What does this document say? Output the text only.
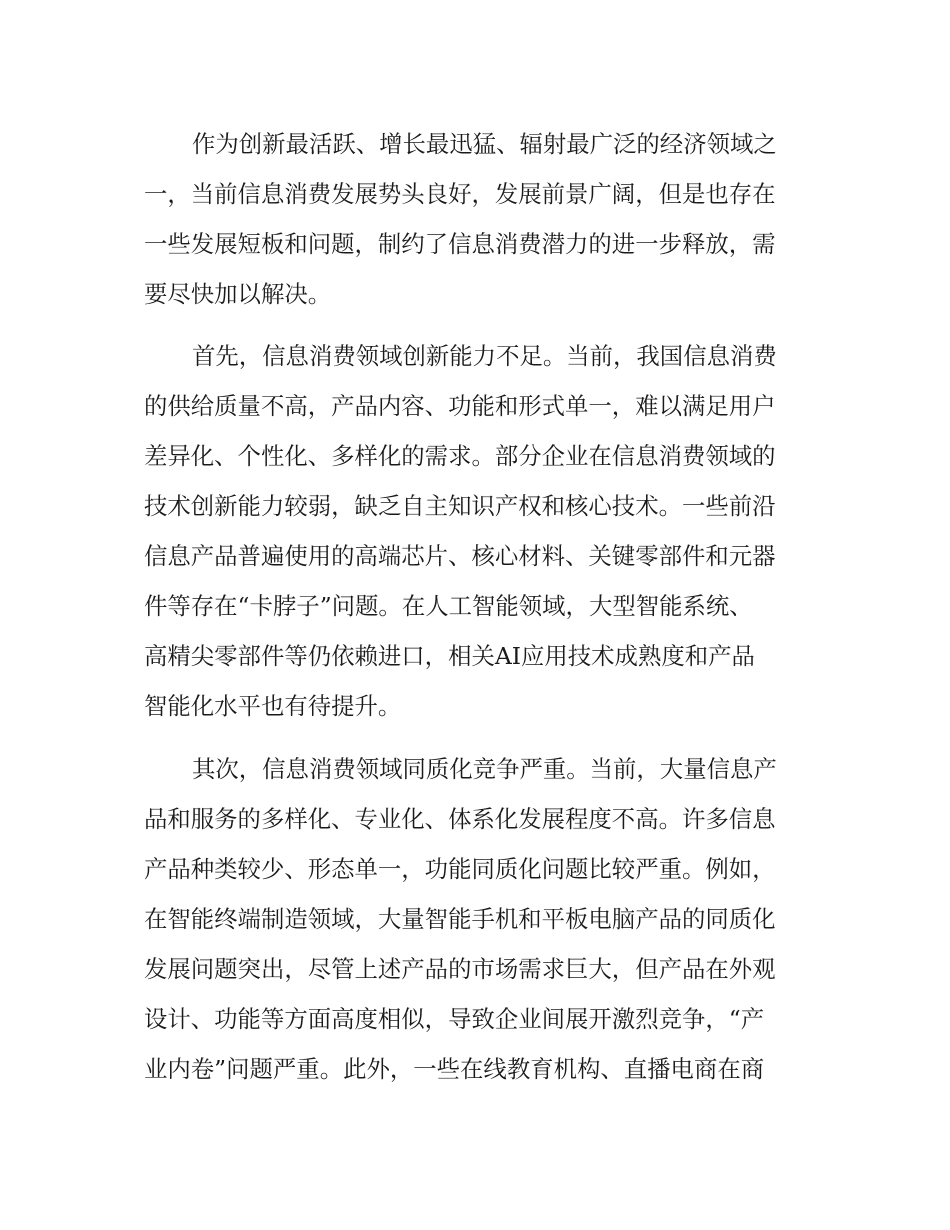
作为创新最活跃、增长最迅猛、辐射最广泛的经济领域之

一，当前信息消费发展势头良好，发展前景广阔，但是也存在

一些发展短板和问题，制约了信息消费潜力的进一步释放，需

要尽快加以解决。

首先，信息消费领域创新能力不足。当前，我国信息消费

的供给质量不高，产品内容、功能和形式单一，难以满足用户

差异化、个性化、多样化的需求。部分企业在信息消费领域的

技术创新能力较弱，缺乏自主知识产权和核心技术。一些前沿

信息产品普遍使用的高端芯片、核心材料、关键零部件和元器

件等存在“卡脖子”问题。在人工智能领域，大型智能系统、

高精尖零部件等仍依赖进口，相关AI应用技术成熟度和产品

智能化水平也有待提升。

其次，信息消费领域同质化竞争严重。当前，大量信息产

品和服务的多样化、专业化、体系化发展程度不高。许多信息

产品种类较少、形态单一，功能同质化问题比较严重。例如，

在智能终端制造领域，大量智能手机和平板电脑产品的同质化

发展问题突出，尽管上述产品的市场需求巨大，但产品在外观

设计、功能等方面高度相似，导致企业间展开激烈竞争，“产

业内卷”问题严重。此外，一些在线教育机构、直播电商在商
